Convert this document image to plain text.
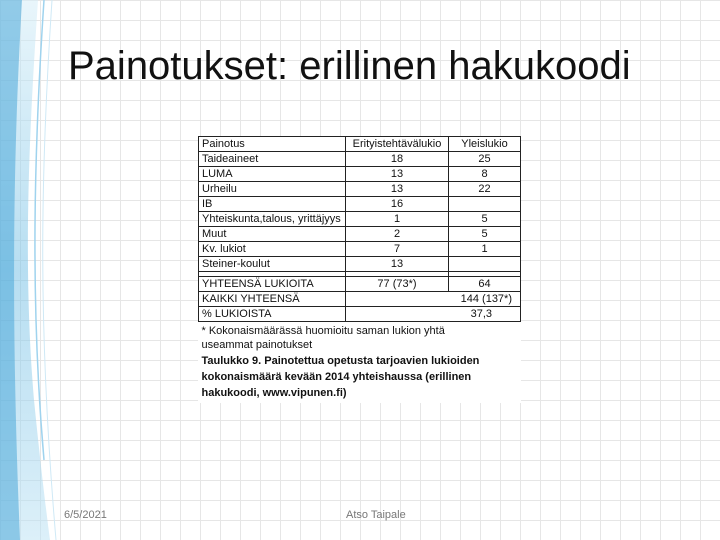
Painotukset: erillinen hakukoodi
Painotus	Erityistehtävälukio	Yleislukio
Taideaineet	18	25
LUMA	13	8
Urheilu	13	22
IB	16	
Yhteiskunta,talous, yrittäjyys	1	5
Muut	2	5
Kv. lukiot	7	1
Steiner-koulut	13	

YHTEENSÄ LUKIOITA	77 (73*)	64
KAIKKI YHTEENSÄ	144 (137*)	
% LUKIOISTA	37,3	

* Kokonaismäärässä huomioitu saman lukion yhtä
useammat painotukset		

Taulukko 9. Painotettua opetusta tarjoavien lukioiden
kokonaismäärä kevään 2014 yhteishaussa (erillinen
hakukoodi, www.vipunen.fi)		
6/5/2021	Atso Taipale
